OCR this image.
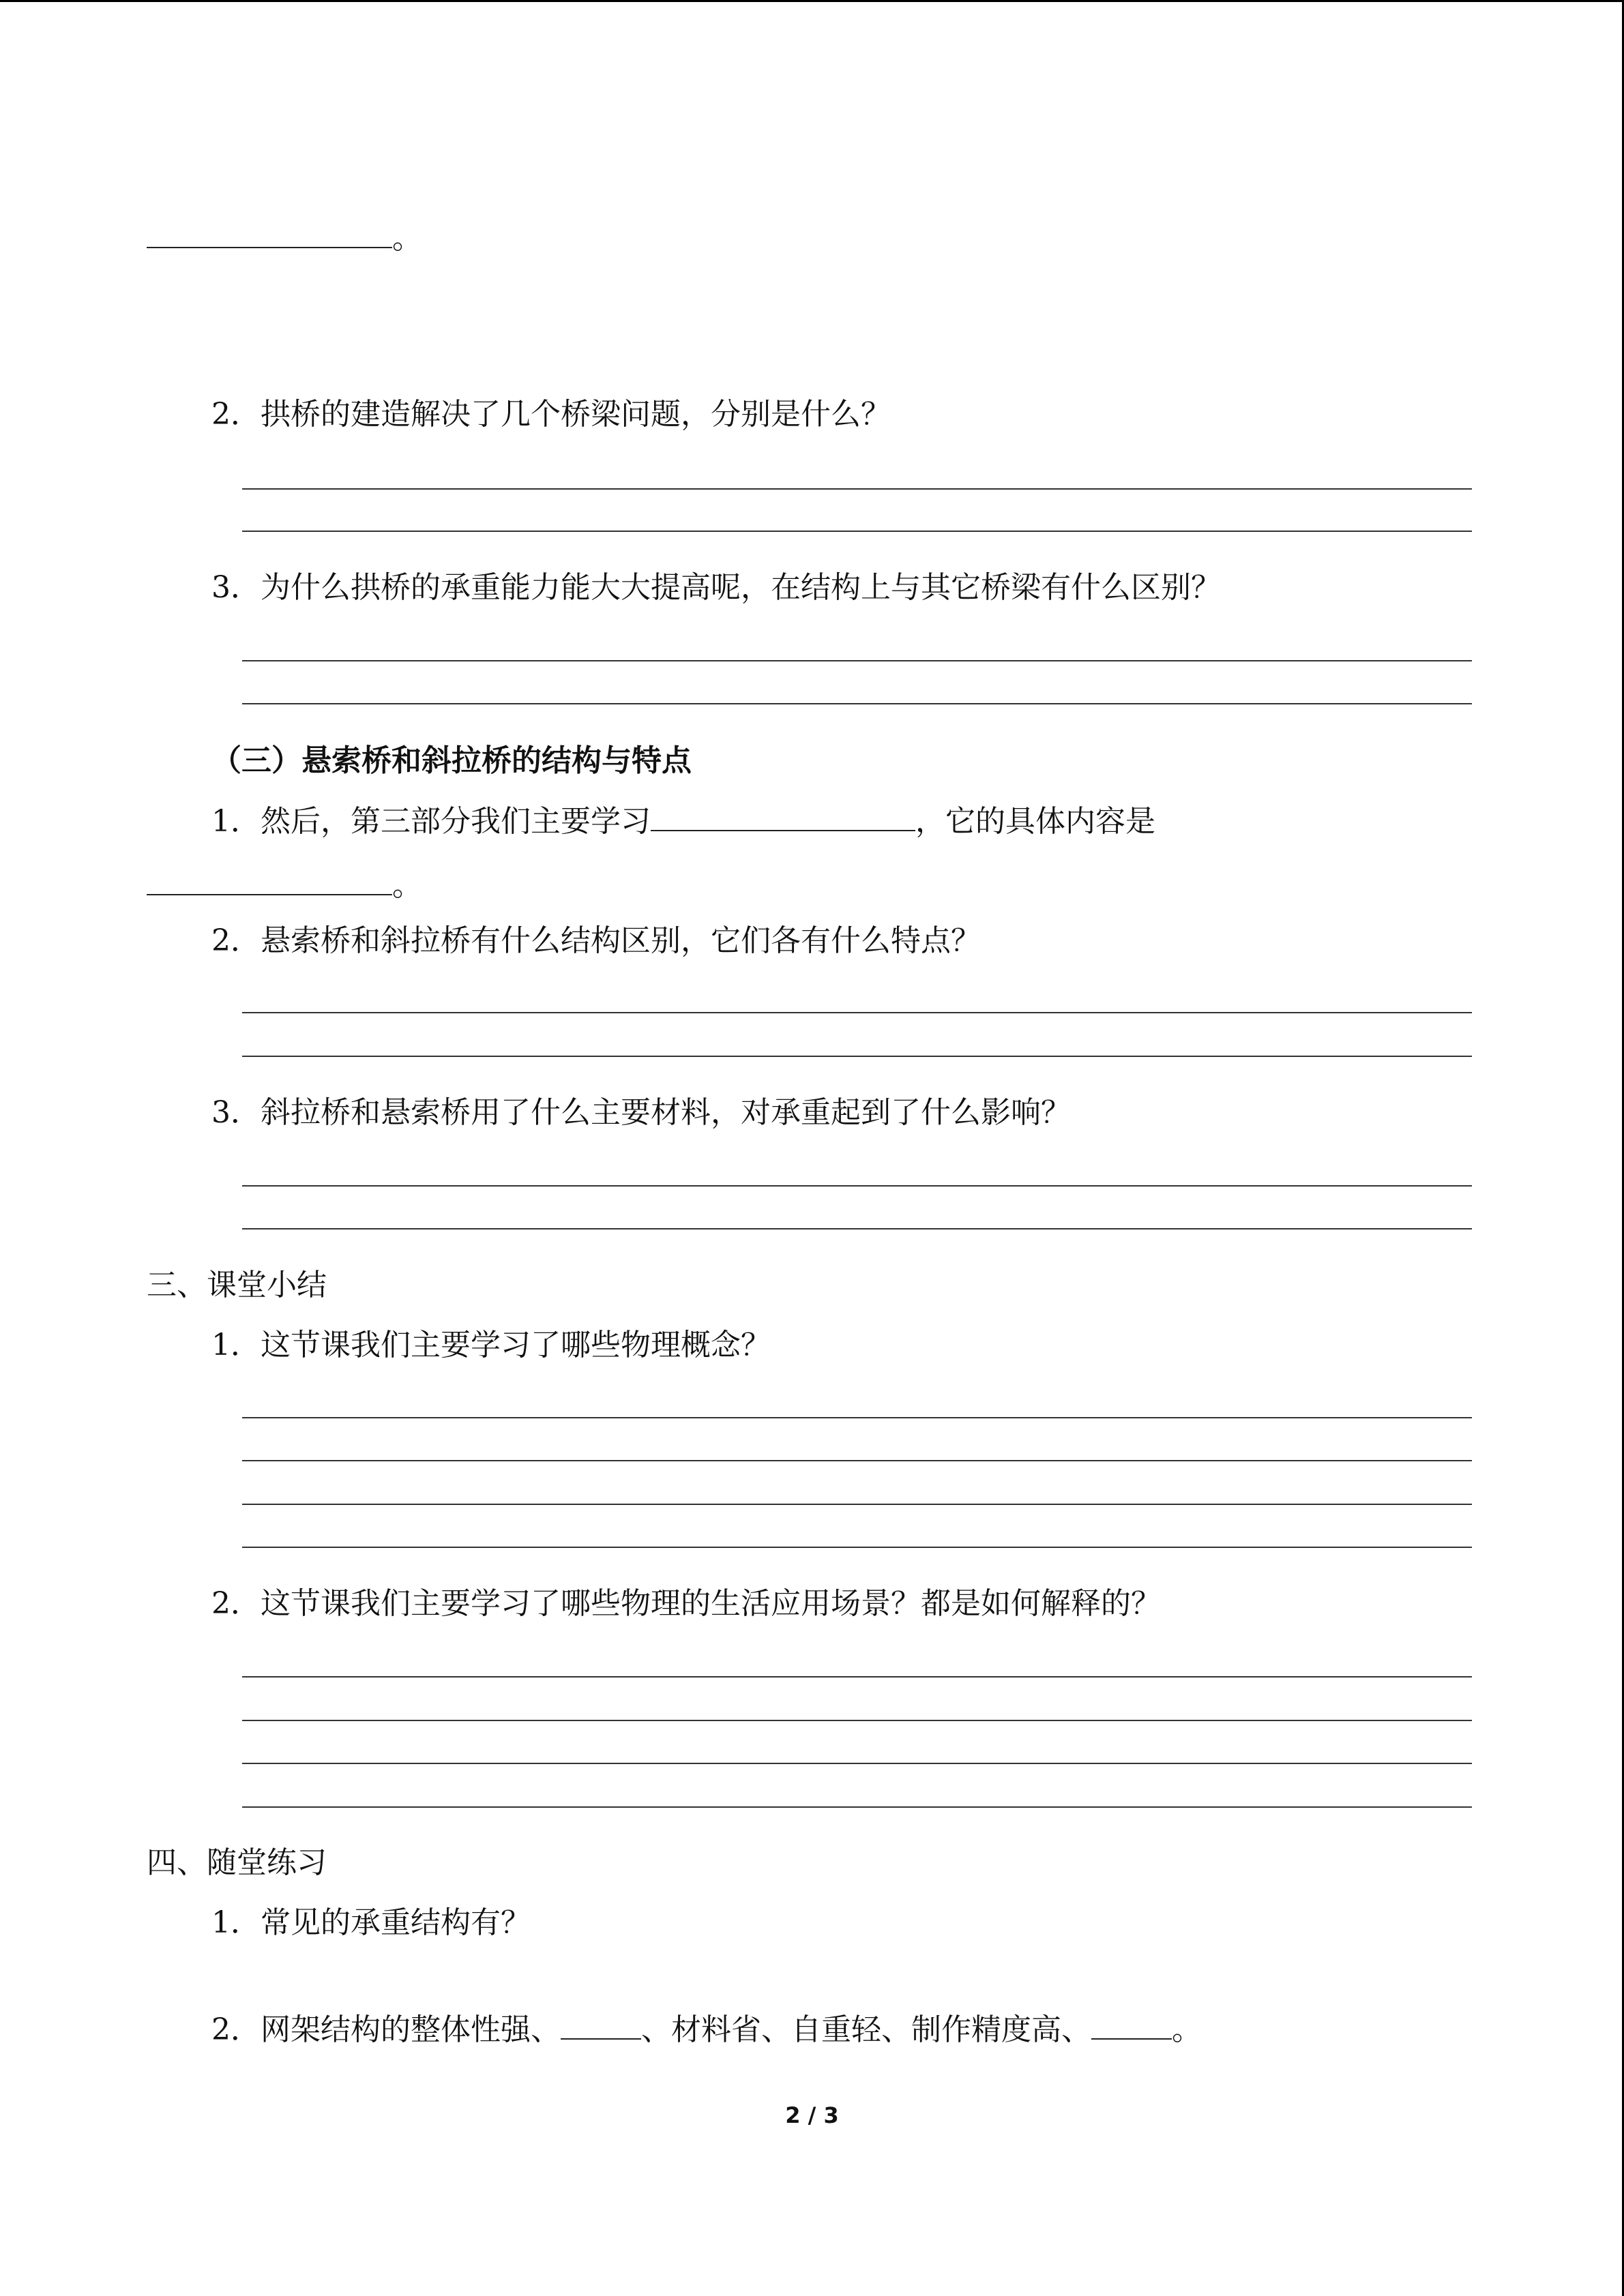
。
2．拱桥的建造解决了几个桥梁问题，分别是什么？
3．为什么拱桥的承重能力能大大提高呢，在结构上与其它桥梁有什么区别？
（三）悬索桥和斜拉桥的结构与特点
1．然后，第三部分我们主要学习	，它的具体内容是
。
2．悬索桥和斜拉桥有什么结构区别，它们各有什么特点？
3．斜拉桥和悬索桥用了什么主要材料，对承重起到了什么影响？
三、课堂小结
1．这节课我们主要学习了哪些物理概念？
2．这节课我们主要学习了哪些物理的生活应用场景？都是如何解释的？
四、随堂练习
1．常见的承重结构有？
2．网架结构的整体性强、	、材料省、自重轻、制作精度高、	。
2 / 3
